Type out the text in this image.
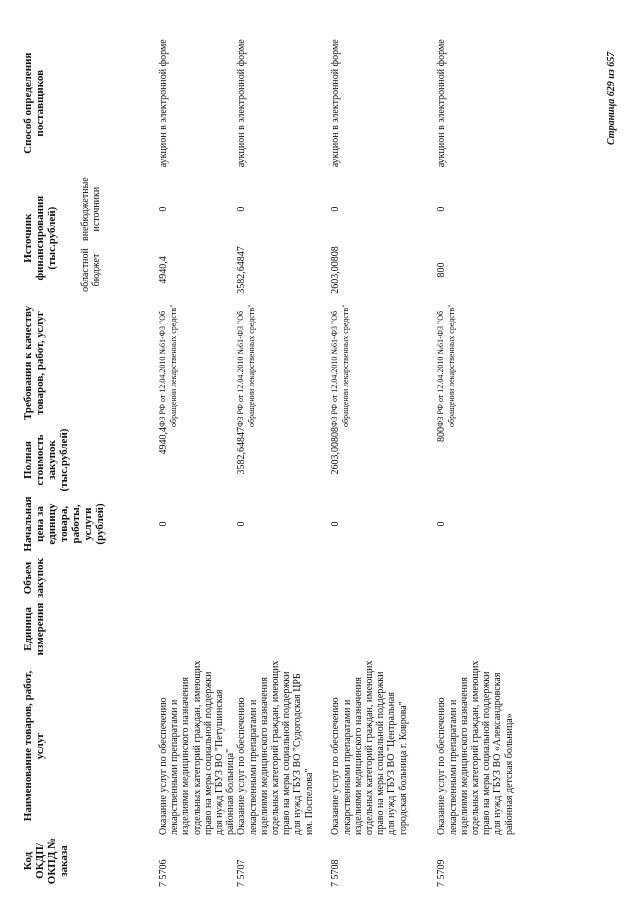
Код ОКДП/ ОКПД № заказа	Наименование товаров, работ, услуг	Единица измерения	Объем закупок	Начальная цена за единицу товара, работы, услуги (рублей)	Полная стоимость закупок (тыс.рублей)	Требования к качеству товаров, работ, услуг	Источник финансирования (тыс.рублей)		Способ определения поставщиков
							областной бюджет	внебюджетные источники	
7 5706	Оказание услуг по обеспечению лекарственными препаратами и изделиями медицинского назначения отдельных категорий граждан, имеющих право на меры социальной поддержки для нужд ГБУЗ ВО "Петушинская районная больница"			0	4940,4	ФЗ РФ от 12.04.2010 №61-ФЗ "Об обращении лекарственных средств"	4940,4	0	аукцион в электронной форме
7 5707	Оказание услуг по обеспечению лекарственными препаратами и изделиями медицинского назначения отдельных категорий граждан, имеющих право на меры социальной поддержки для нужд ГБУЗ ВО "Судогодская ЦРБ им. Поспелова"			0	3582,64847	ФЗ РФ от 12.04.2010 №61-ФЗ "Об обращении лекарственных средств"	3582,64847	0	аукцион в электронной форме
7 5708	Оказание услуг по обеспечению лекарственными препаратами и изделиями медицинского назначения отдельных категорий граждан, имеющих право на меры социальной поддержки для нужд ГБУЗ ВО "Центральная городская больница г. Коврова"			0	2603,00808	ФЗ РФ от 12.04.2010 №61-ФЗ "Об обращении лекарственных средств"	2603,00808	0	аукцион в электронной форме
7 5709	Оказание услуг по обеспечению лекарственными препаратами и изделиями медицинского назначения отдельных категорий граждан, имеющих право на меры социальной поддержки для нужд ГБУЗ ВО «Александровская районная детская больница»			0	800	ФЗ РФ от 12.04.2010 №61-ФЗ "Об обращении лекарственных средств"	800	0	аукцион в электронной форме	Страница 629 из 657
